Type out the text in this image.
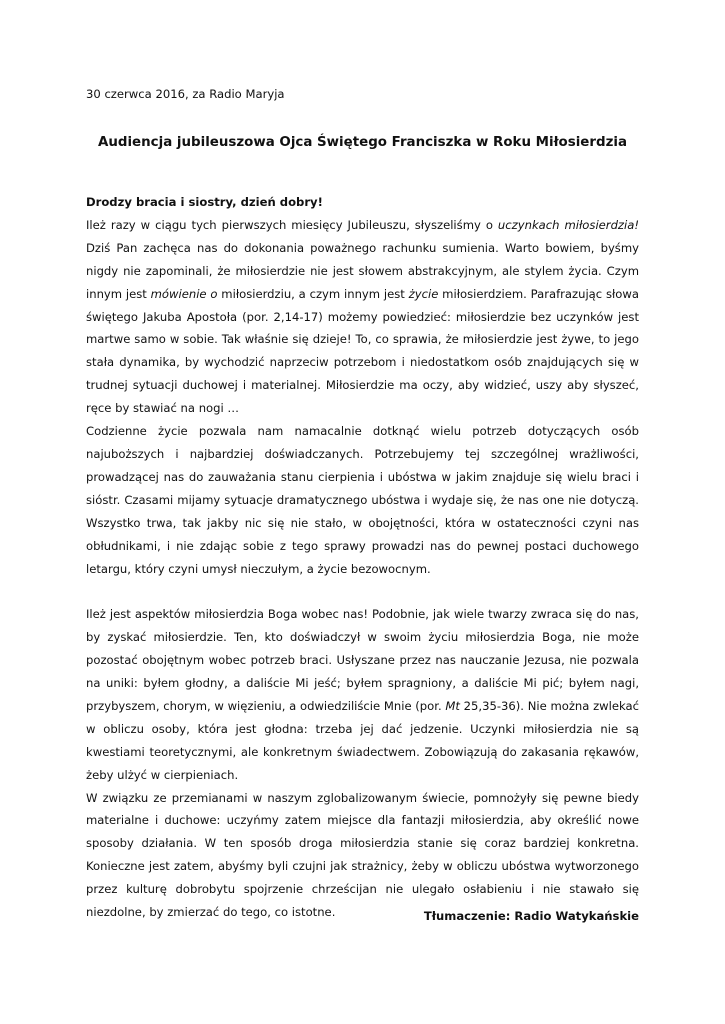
30 czerwca 2016, za Radio Maryja
Audiencja jubileuszowa Ojca Świętego Franciszka w Roku Miłosierdzia

Drodzy bracia i siostry, dzień dobry!

Ileż razy w ciągu tych pierwszych miesięcy Jubileuszu, słyszeliśmy o uczynkach miłosierdzia! Dziś Pan zachęca nas do dokonania poważnego rachunku sumienia. Warto bowiem, byśmy nigdy nie zapominali, że miłosierdzie nie jest słowem abstrakcyjnym, ale stylem życia. Czym innym jest mówienie o miłosierdziu, a czym innym jest życie miłosierdziem. Parafrazując słowa świętego Jakuba Apostoła (por. 2,14-17) możemy powiedzieć: miłosierdzie bez uczynków jest martwe samo w sobie. Tak właśnie się dzieje! To, co sprawia, że miłosierdzie jest żywe, to jego stała dynamika, by wychodzić naprzeciw potrzebom i niedostatkom osób znajdujących się w trudnej sytuacji duchowej i materialnej. Miłosierdzie ma oczy, aby widzieć, uszy aby słyszeć, ręce by stawiać na nogi …

Codzienne życie pozwala nam namacalnie dotknąć wielu potrzeb dotyczących osób najuboższych i najbardziej doświadczanych. Potrzebujemy tej szczególnej wrażliwości, prowadzącej nas do zauważania stanu cierpienia i ubóstwa w jakim znajduje się wielu braci i sióstr. Czasami mijamy sytuacje dramatycznego ubóstwa i wydaje się, że nas one nie dotyczą. Wszystko trwa, tak jakby nic się nie stało, w obojętności, która w ostateczności czyni nas obłudnikami, i nie zdając sobie z tego sprawy prowadzi nas do pewnej postaci duchowego letargu, który czyni umysł nieczułym, a życie bezowocnym.

Ileż jest aspektów miłosierdzia Boga wobec nas! Podobnie, jak wiele twarzy zwraca się do nas, by zyskać miłosierdzie. Ten, kto doświadczył w swoim życiu miłosierdzia Boga, nie może pozostać obojętnym wobec potrzeb braci. Usłyszane przez nas nauczanie Jezusa, nie pozwala na uniki: byłem głodny, a daliście Mi jeść; byłem spragniony, a daliście Mi pić; byłem nagi, przybyszem, chorym, w więzieniu, a odwiedziliście Mnie (por. Mt 25,35-36). Nie można zwlekać w obliczu osoby, która jest głodna: trzeba jej dać jedzenie. Uczynki miłosierdzia nie są kwestiami teoretycznymi, ale konkretnym świadectwem. Zobowiązują do zakasania rękawów, żeby ulżyć w cierpieniach.

W związku ze przemianami w naszym zglobalizowanym świecie, pomnożyły się pewne biedy materialne i duchowe: uczyńmy zatem miejsce dla fantazji miłosierdzia, aby określić nowe sposoby działania. W ten sposób droga miłosierdzia stanie się coraz bardziej konkretna. Konieczne jest zatem, abyśmy byli czujni jak strażnicy, żeby w obliczu ubóstwa wytworzonego przez kulturę dobrobytu spojrzenie chrześcijan nie ulegało osłabieniu i nie stawało się niezdolne, by zmierzać do tego, co istotne.	Tłumaczenie: Radio Watykańskie
